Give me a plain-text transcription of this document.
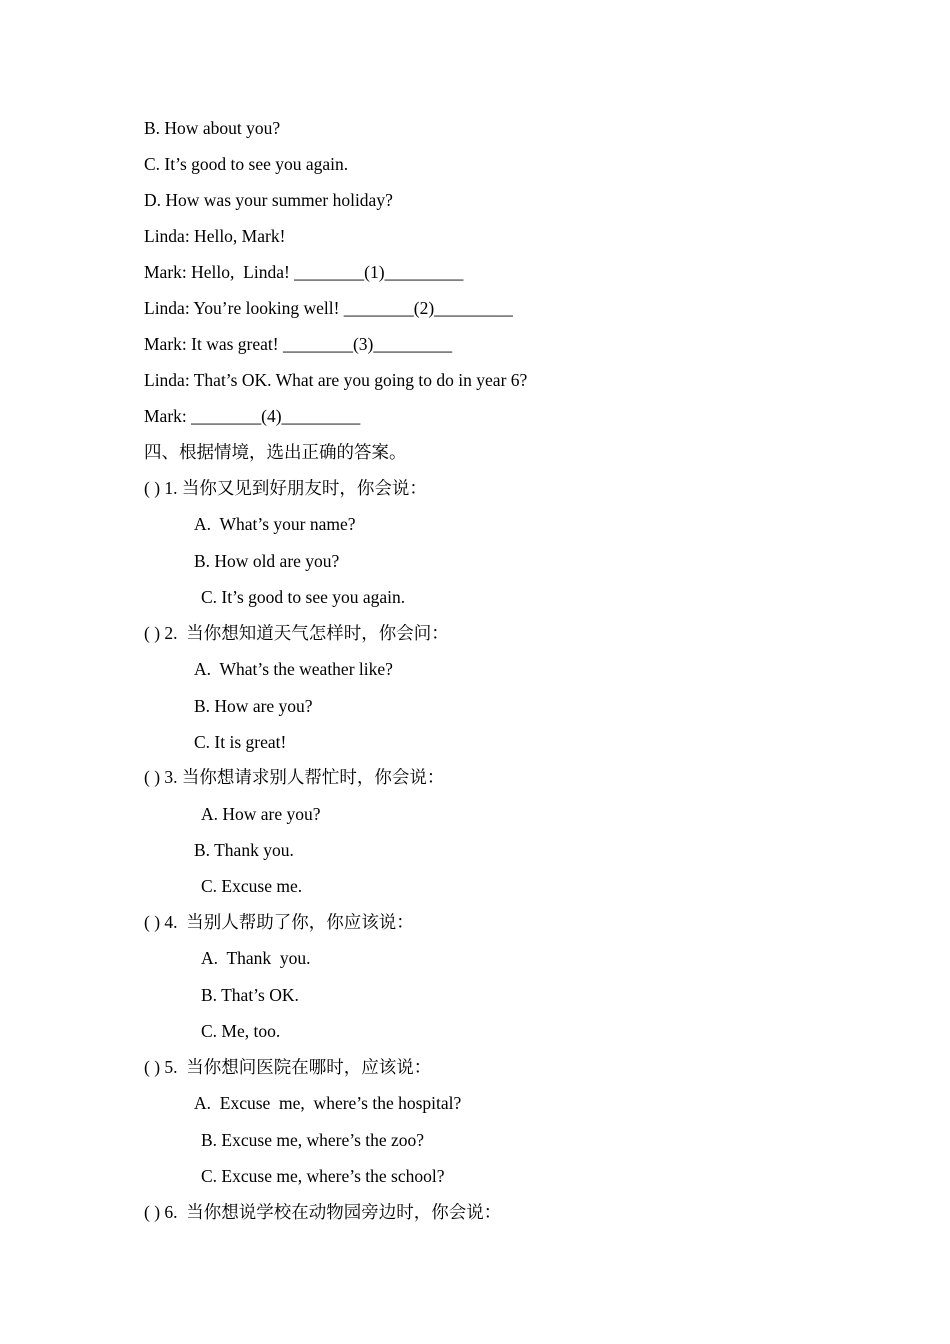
B. How about you?
C. It’s good to see you again.
D. How was your summer holiday?
Linda: Hello, Mark!
Mark: Hello,  Linda! ________(1)_________
Linda: You’re looking well! ________(2)_________
Mark: It was great! ________(3)_________
Linda: That’s OK. What are you going to do in year 6?
Mark: ________(4)_________
四、根据情境，选出正确的答案。
( ) 1. 当你又见到好朋友时，你会说：
A.  What’s your name?
B. How old are you?
C. It’s good to see you again.
( ) 2.  当你想知道天气怎样时，你会问：
A.  What’s the weather like?
B. How are you?
C. It is great!
( ) 3. 当你想请求别人帮忙时，你会说：
A. How are you?
B. Thank you.
C. Excuse me.
( ) 4.  当别人帮助了你，你应该说：
A.  Thank  you.
B. That’s OK.
C. Me, too.
( ) 5.  当你想问医院在哪时，应该说：
A.  Excuse  me,  where’s the hospital?
B. Excuse me, where’s the zoo?
C. Excuse me, where’s the school?
( ) 6.  当你想说学校在动物园旁边时，你会说：
